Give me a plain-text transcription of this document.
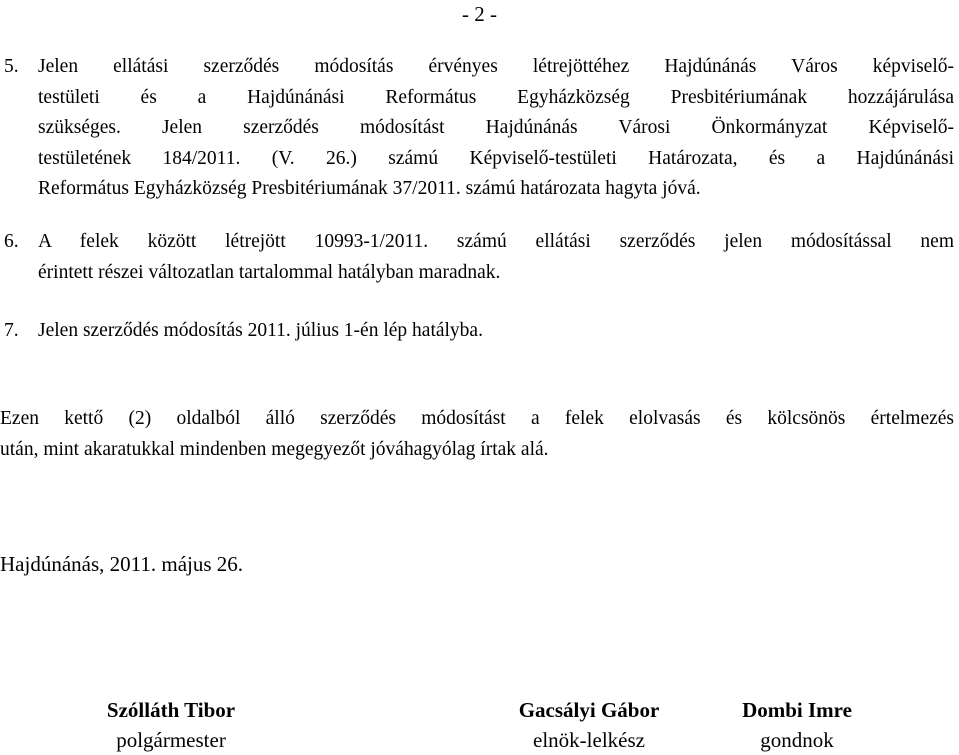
- 2 -
5. Jelen ellátási szerződés módosítás érvényes létrejöttéhez Hajdúnánás Város képviselő-
testületi és a Hajdúnánási Református Egyházközség Presbitériumának hozzájárulása
szükséges. Jelen szerződés módosítást Hajdúnánás Városi Önkormányzat Képviselő-
testületének 184/2011. (V. 26.) számú Képviselő-testületi Határozata, és a Hajdúnánási
Református Egyházközség Presbitériumának 37/2011. számú határozata hagyta jóvá.
6. A felek között létrejött 10993-1/2011. számú ellátási szerződés jelen módosítással nem
érintett részei változatlan tartalommal hatályban maradnak.
7. Jelen szerződés módosítás 2011. július 1-én lép hatályba.
Ezen kettő (2) oldalból álló szerződés módosítást a felek elolvasás és kölcsönös értelmezés
után, mint akaratukkal mindenben megegyezőt jóváhagyólag írtak alá.
Hajdúnánás, 2011. május 26.
Szólláth Tibor
polgármester
Gacsályi Gábor
elnök-lelkész
Dombi Imre
gondnok
